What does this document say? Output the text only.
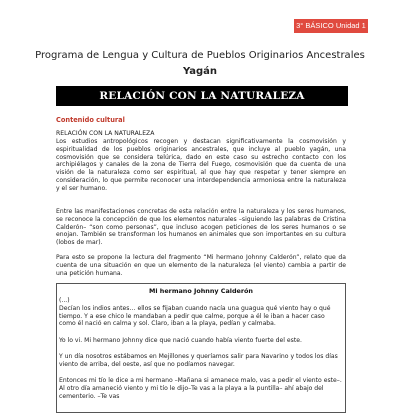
3° BÁSICO Unidad 1
Programa de Lengua y Cultura de Pueblos Originarios Ancestrales
Yagán
RELACIÓN CON LA NATURALEZA
Contenido cultural

RELACIÓN CON LA NATURALEZA

Los estudios antropológicos recogen y destacan significativamente la cosmovisión y espiritualidad de los pueblos originarios ancestrales, que incluye al pueblo yagán, una cosmovisión que se considera telúrica, dado en este caso su estrecho contacto con los archipiélagos y canales de la zona de Tierra del Fuego, cosmovisión que da cuenta de una visión de la naturaleza como ser espiritual, al que hay que respetar y tener siempre en consideración, lo que permite reconocer una interdependencia armoniosa entre la naturaleza y el ser humano.

Entre las manifestaciones concretas de esta relación entre la naturaleza y los seres humanos, se reconoce la concepción de que los elementos naturales –siguiendo las palabras de Cristina Calderón– “son como personas”, que incluso acogen peticiones de los seres humanos o se enojan. También se transforman los humanos en animales que son importantes en su cultura (lobos de mar).

Para esto se propone la lectura del fragmento “Mi hermano Johnny Calderón”, relato que da cuenta de una situación en que un elemento de la naturaleza (el viento) cambia a partir de una petición humana.

Mi hermano Johnny Calderón

(...)
Decían los indios antes… ellos se fijaban cuando nacía una guagua qué viento hay o qué tiempo. Y a ese chico le mandaban a pedir que calme, porque a él le iban a hacer caso como él nació en calma y sol. Claro, iban a la playa, pedían y calmaba.

Yo lo vi. Mi hermano Johnny dice que nació cuando había viento fuerte del este.

Y un día nosotros estábamos en Mejillones y queríamos salir para Navarino y todos los días viento de arriba, del oeste, así que no podíamos navegar.

Entonces mi tío le dice a mi hermano –Mañana si amanece malo, vas a pedir el viento este–. Al otro día amaneció viento y mi tío le dijo–Te vas a la playa a la puntilla– ahí abajo del cementerio. –Te vas
